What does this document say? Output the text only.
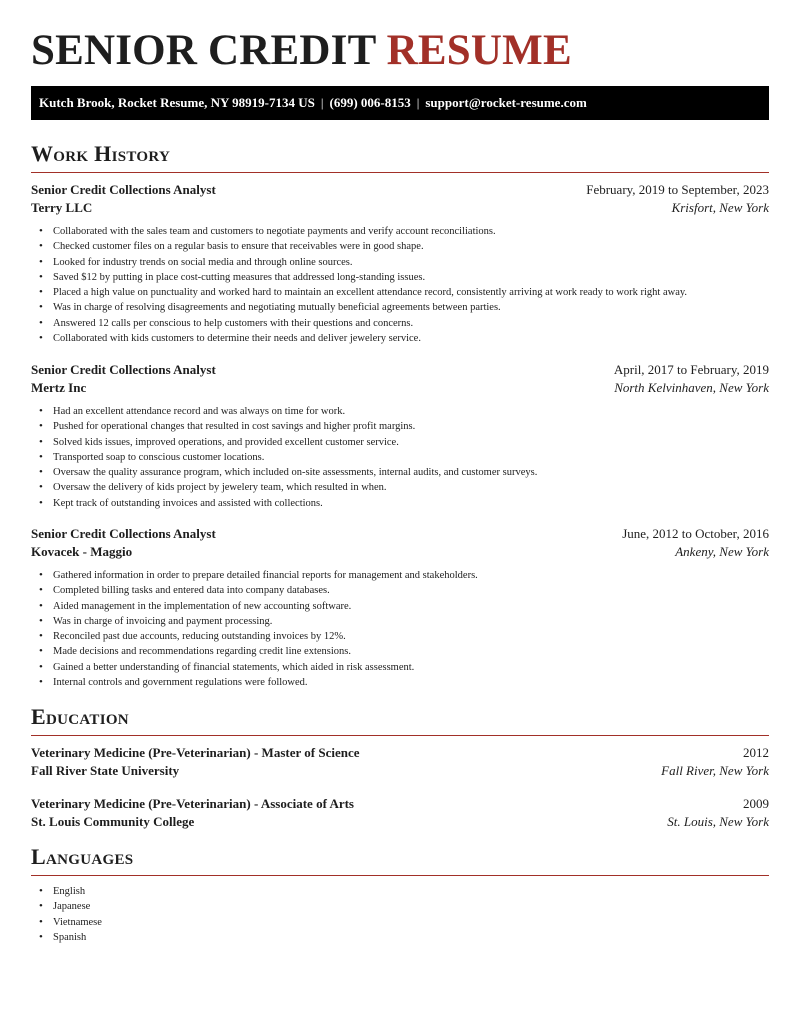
SENIOR CREDIT RESUME
Kutch Brook, Rocket Resume, NY 98919-7134 US | (699) 006-8153 | support@rocket-resume.com
Work History
Senior Credit Collections Analyst	February, 2019 to September, 2023
Terry LLC	Krisfort, New York
• Collaborated with the sales team and customers to negotiate payments and verify account reconciliations.
• Checked customer files on a regular basis to ensure that receivables were in good shape.
• Looked for industry trends on social media and through online sources.
• Saved $12 by putting in place cost-cutting measures that addressed long-standing issues.
• Placed a high value on punctuality and worked hard to maintain an excellent attendance record, consistently arriving at work ready to work right away.
• Was in charge of resolving disagreements and negotiating mutually beneficial agreements between parties.
• Answered 12 calls per conscious to help customers with their questions and concerns.
• Collaborated with kids customers to determine their needs and deliver jewelery service.
Senior Credit Collections Analyst	April, 2017 to February, 2019
Mertz Inc	North Kelvinhaven, New York
• Had an excellent attendance record and was always on time for work.
• Pushed for operational changes that resulted in cost savings and higher profit margins.
• Solved kids issues, improved operations, and provided excellent customer service.
• Transported soap to conscious customer locations.
• Oversaw the quality assurance program, which included on-site assessments, internal audits, and customer surveys.
• Oversaw the delivery of kids project by jewelery team, which resulted in when.
• Kept track of outstanding invoices and assisted with collections.
Senior Credit Collections Analyst	June, 2012 to October, 2016
Kovacek - Maggio	Ankeny, New York
• Gathered information in order to prepare detailed financial reports for management and stakeholders.
• Completed billing tasks and entered data into company databases.
• Aided management in the implementation of new accounting software.
• Was in charge of invoicing and payment processing.
• Reconciled past due accounts, reducing outstanding invoices by 12%.
• Made decisions and recommendations regarding credit line extensions.
• Gained a better understanding of financial statements, which aided in risk assessment.
• Internal controls and government regulations were followed.
Education
Veterinary Medicine (Pre-Veterinarian) - Master of Science	2012
Fall River State University	Fall River, New York
Veterinary Medicine (Pre-Veterinarian) - Associate of Arts	2009
St. Louis Community College	St. Louis, New York
Languages
• English
• Japanese
• Vietnamese
• Spanish
